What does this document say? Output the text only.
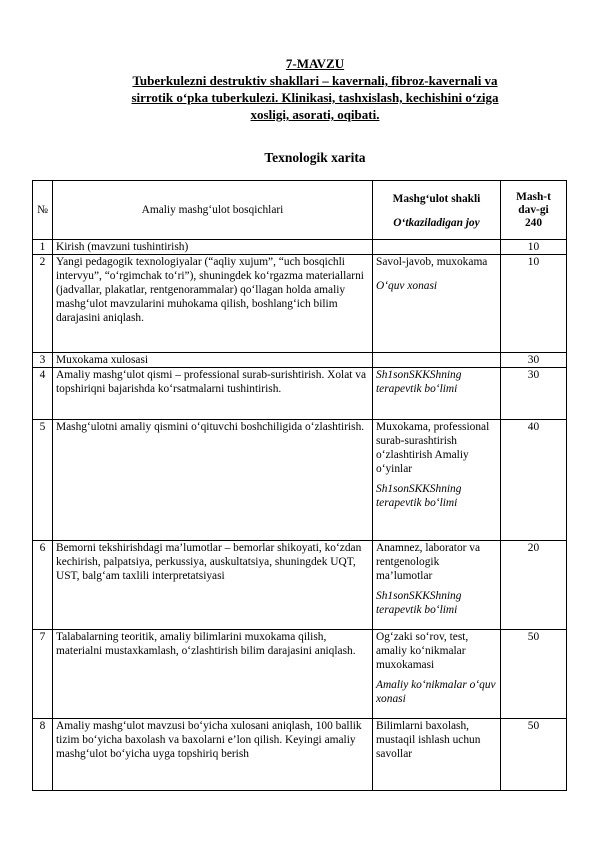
7-MAVZU
Tuberkulezni destruktiv shakllari – kavernali, fibroz-kavernali va
sirrotik o‘pka tuberkulezi. Klinikasi, tashxislash, kechishini o‘ziga
xosligi, asorati, oqibati.
Texnologik xarita
№	Amaliy mashg‘ulot bosqichlari	Mashg‘ulot shakli
O‘tkaziladigan joy	Mash-t
dav-gi
240

1	Kirish (mavzuni tushintirish)		10
2	Yangi pedagogik texnologiyalar (“aqliy xujum”, “uch bosqichli intervyu”, “o‘rgimchak to‘ri”), shuningdek ko‘rgazma materiallarni (jadvallar, plakatlar, rentgenorammalar) qo‘llagan holda amaliy mashg‘ulot mavzularini muhokama qilish, boshlang‘ich bilim darajasini aniqlash.	Savol-javob, muxokama
O‘quv xonasi	10
3	Muxokama xulosasi		30
4	Amaliy mashg‘ulot qismi – professional surab-surishtirish. Xolat va topshiriqni bajarishda ko‘rsatmalarni tushintirish.	Sh1sonSKKShning terapevtik bo‘limi	30
5	Mashg‘ulotni amaliy qismini o‘qituvchi boshchiligida o‘zlashtirish.	Muxokama, professional surab-surashtirish o‘zlashtirish Amaliy o‘yinlar
Sh1sonSKKShning terapevtik bo‘limi	40
6	Bemorni tekshirishdagi ma’lumotlar – bemorlar shikoyati, ko‘zdan kechirish, palpatsiya, perkussiya, auskultatsiya, shuningdek UQT, UST, balg‘am taxlili interpretatsiyasi	Anamnez, laborator va rentgenologik ma’lumotlar
Sh1sonSKKShning terapevtik bo‘limi	20
7	Talabalarning teoritik, amaliy bilimlarini muxokama qilish, materialni mustaxkamlash, o‘zlashtirish bilim darajasini aniqlash.	Og‘zaki so‘rov, test, amaliy ko‘nikmalar muxokamasi
Amaliy ko‘nikmalar o‘quv xonasi	50
8	Amaliy mashg‘ulot mavzusi bo‘yicha xulosani aniqlash, 100 ballik tizim bo‘yicha baxolash va baxolarni e’lon qilish. Keyingi amaliy mashg‘ulot bo‘yicha uyga topshiriq berish	Bilimlarni baxolash, mustaqil ishlash uchun savollar	50
